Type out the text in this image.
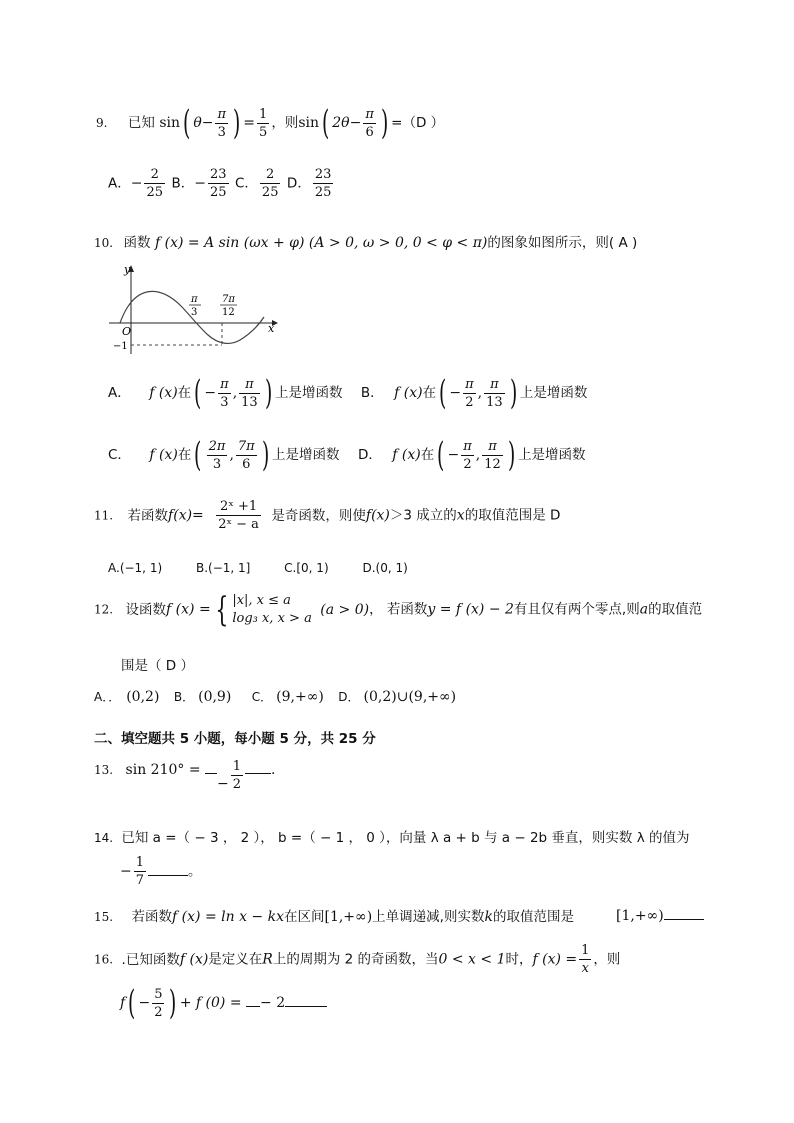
9. 已知 sin( $\theta- \frac{\pi}{3}$ ) = $\frac{1}{5}$ ，则sin( $2\theta- \frac{\pi}{6}$ ) =（D ）
A．− $\frac{2}{25}$ B．− $\frac{23}{25}$ C． $\frac{2}{25}$ D． $\frac{23}{25}$
10. 函数 f (x) = A sin (ωx + φ) (A > 0, ω > 0, 0 < φ < π)的图象如图所示，则( A )
y
x
O
−1
π
3
7π
12
A． f (x)在( − $\frac{\pi}{3}$ , $\frac{\pi}{13}$ ) 上是增函数 B． f (x)在( − $\frac{\pi}{2}$ , $\frac{\pi}{13}$ ) 上是增函数
C． f (x)在( $\frac{2\pi}{3}$ , $\frac{7\pi}{6}$ ) 上是增函数 D． f (x)在( − $\frac{\pi}{2}$ , $\frac{\pi}{12}$ ) 上是增函数
11. 若函数$f(x)= \frac{\text{2ˣ +1}}{\text{2ˣ − a}}$ 是奇函数，则使f(x)＞3 成立的x的取值范围是 D
A.(−1, 1)	B.(−1, 1]	C.[0, 1)	D.(0, 1)
12. 设函数f (x) = { |x|, x ≤ a
log₃ x, x > a
(a > 0)， 若函数y = f (x) − 2有且仅有两个零点,则a的取值范
围是（ D ）
A．． (0,2) B． (0,9) C． (9,+∞) D． (0,2)∪(9,+∞)
二、填空题共 5 小题，每小题 5 分，共 25 分
13. sin 210° = − $\frac{1}{2}$ .
14. 已知 a =（ − 3 ， 2 ）， b =（ − 1 ， 0 ），向量 λ a + b 与 a − 2b 垂直，则实数 λ 的值为
− $\frac{1}{7}$	。
15. 若函数f (x) = ln x − kx在区间[1,+∞)上单调递减,则实数k的取值范围是	[1,+∞)
16. .已知函数f (x)是定义在R上的周期为 2 的奇函数，当0 < x < 1时，f $(x) = \frac{1}{x}$ ，则
$f( - \frac{5}{2}$ ) + f (0) = − 2
